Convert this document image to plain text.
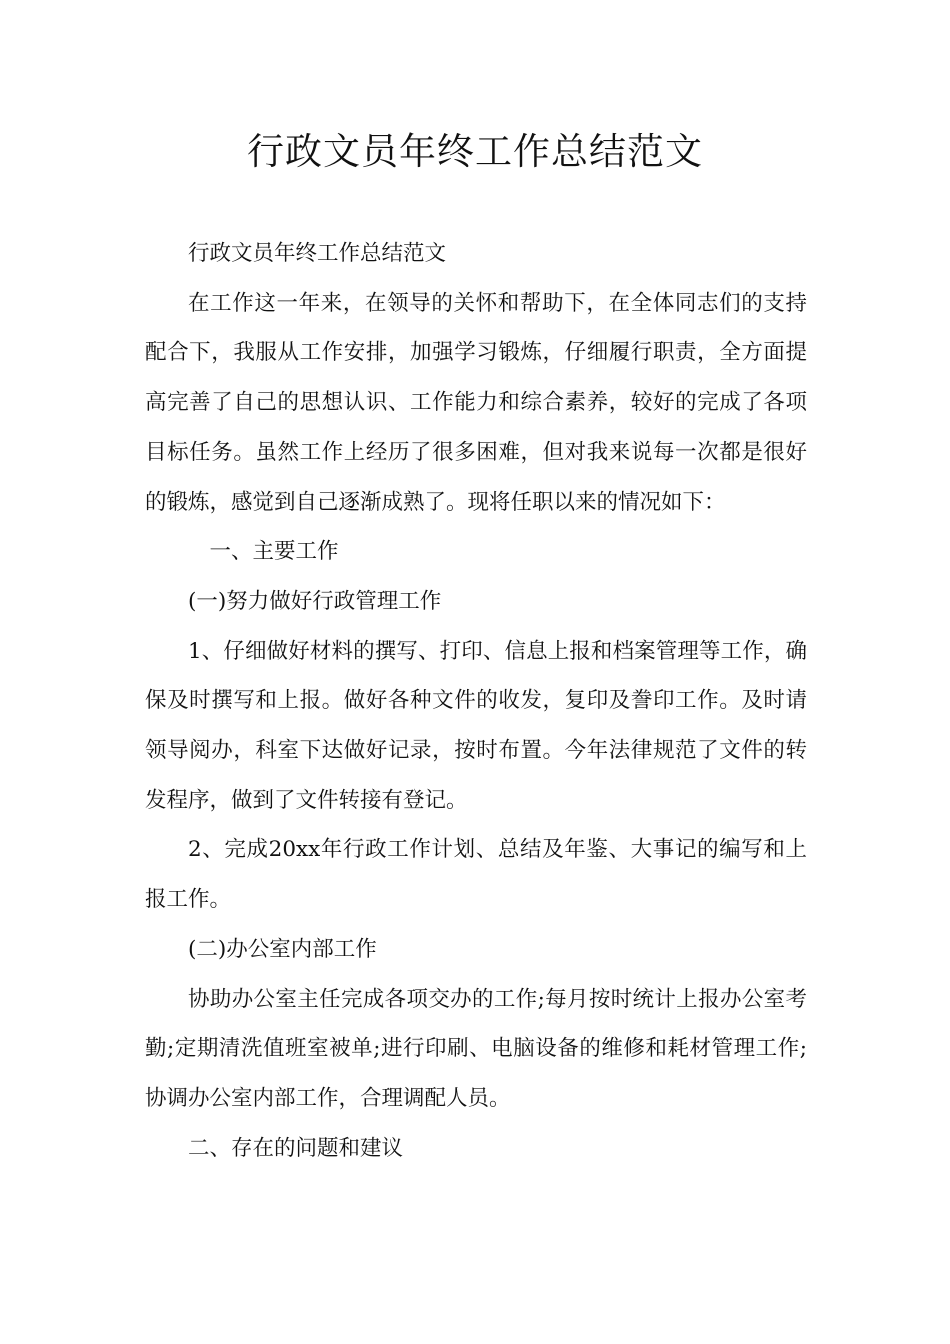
行政文员年终工作总结范文

行政文员年终工作总结范文

在工作这一年来，在领导的关怀和帮助下，在全体同志们的支持配合下，我服从工作安排，加强学习锻炼，仔细履行职责，全方面提高完善了自己的思想认识、工作能力和综合素养，较好的完成了各项目标任务。虽然工作上经历了很多困难，但对我来说每一次都是很好的锻炼，感觉到自己逐渐成熟了。现将任职以来的情况如下：

一、主要工作

(一)努力做好行政管理工作

1、仔细做好材料的撰写、打印、信息上报和档案管理等工作，确保及时撰写和上报。做好各种文件的收发，复印及誊印工作。及时请领导阅办，科室下达做好记录，按时布置。今年法律规范了文件的转发程序，做到了文件转接有登记。

2、完成20xx年行政工作计划、总结及年鉴、大事记的编写和上报工作。

(二)办公室内部工作

协助办公室主任完成各项交办的工作;每月按时统计上报办公室考勤;定期清洗值班室被单;进行印刷、电脑设备的维修和耗材管理工作;协调办公室内部工作，合理调配人员。

二、存在的问题和建议
